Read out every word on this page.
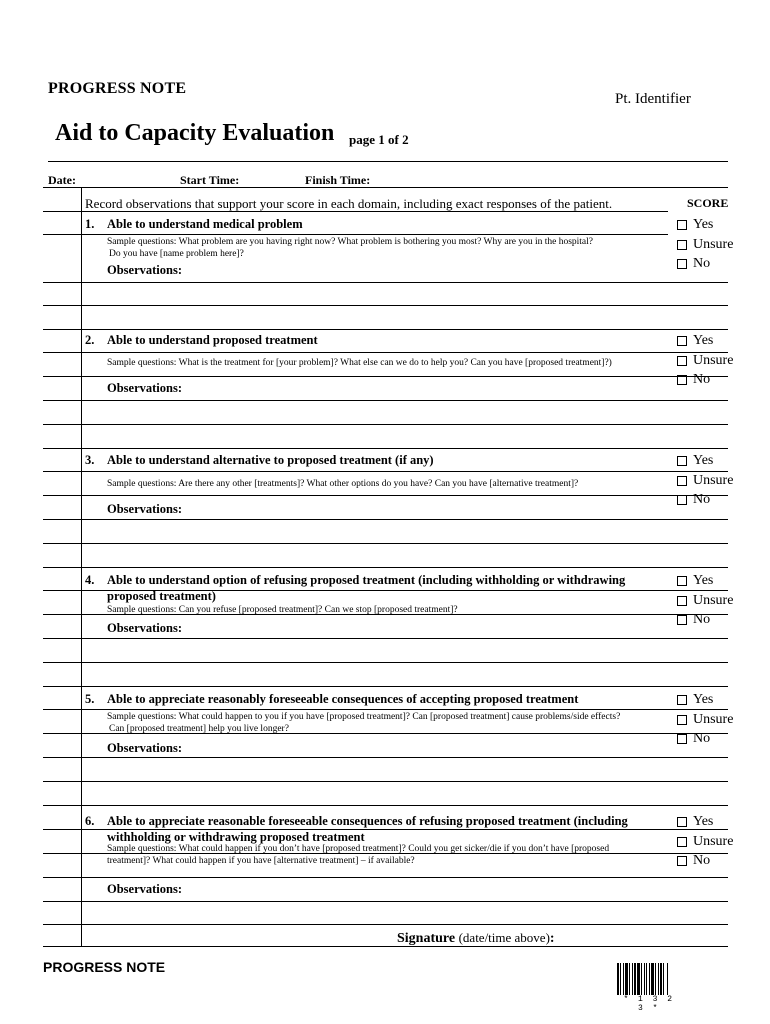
PROGRESS NOTE
Pt. Identifier
Aid to Capacity Evaluation page 1 of 2
Date:	Start Time:	Finish Time:
Record observations that support your score in each domain, including exact responses of the patient.	SCORE
1. Able to understand medical problem
Sample questions: What problem are you having right now? What problem is bothering you most? Why are you in the hospital?
Do you have [name problem here]?
Observations:
Yes
Unsure
No
2. Able to understand proposed treatment
Sample questions: What is the treatment for [your problem]? What else can we do to help you? Can you have [proposed treatment]?)
Observations:
Yes
Unsure
No
3. Able to understand alternative to proposed treatment (if any)
Sample questions: Are there any other [treatments]? What other options do you have? Can you have [alternative treatment]?
Observations:
Yes
Unsure
No
4. Able to understand option of refusing proposed treatment (including withholding or withdrawing
proposed treatment)
Sample questions: Can you refuse [proposed treatment]? Can we stop [proposed treatment]?
Observations:
Yes
Unsure
No
5. Able to appreciate reasonably foreseeable consequences of accepting proposed treatment
Sample questions: What could happen to you if you have [proposed treatment]? Can [proposed treatment] cause problems/side effects?
Can [proposed treatment] help you live longer?
Observations:
Yes
Unsure
No
6. Able to appreciate reasonable foreseeable consequences of refusing proposed treatment (including
withholding or withdrawing proposed treatment
Sample questions: What could happen if you don’t have [proposed treatment]? Could you get sicker/die if you don’t have [proposed
treatment]? What could happen if you have [alternative treatment] – if available?
Observations:
Yes
Unsure
No
Signature (date/time above):
PROGRESS NOTE
* 1 3 2 3 *
